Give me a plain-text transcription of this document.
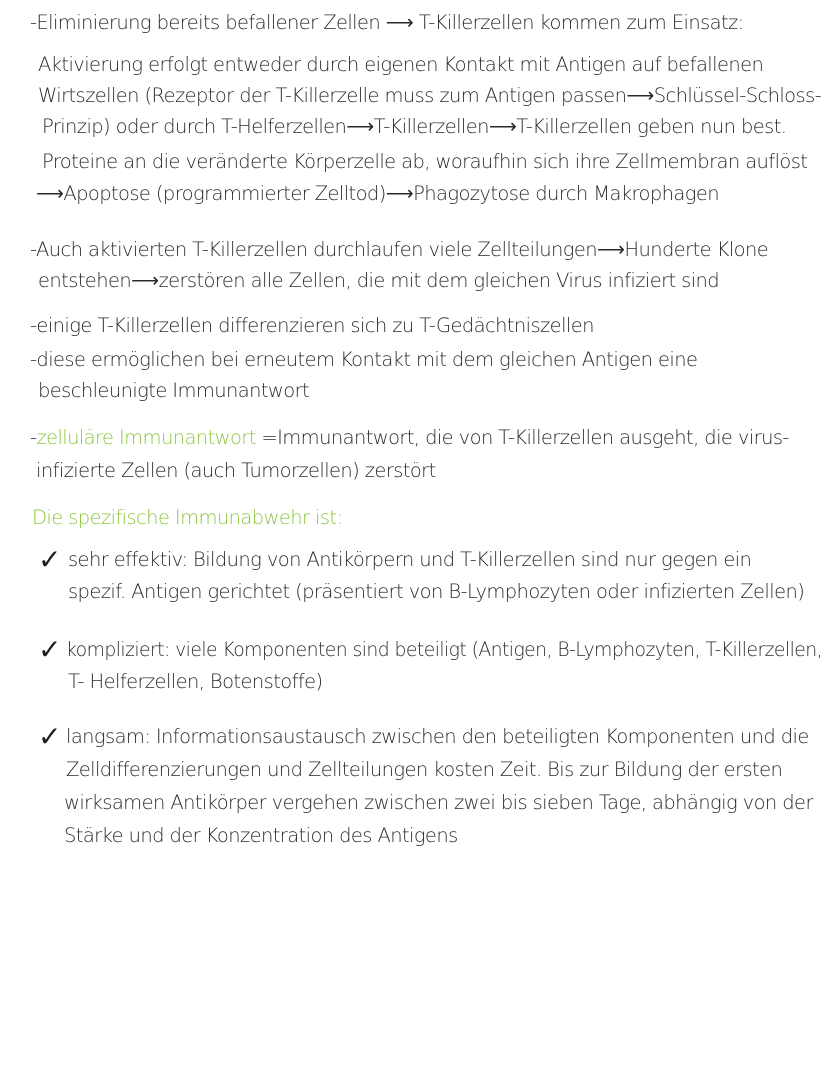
-Eliminierung bereits befallener Zellen ⟶ T-Killerzellen kommen zum Einsatz:
Aktivierung erfolgt entweder durch eigenen Kontakt mit Antigen auf befallenen
Wirtszellen (Rezeptor der T-Killerzelle muss zum Antigen passen⟶Schlüssel-Schloss-
Prinzip) oder durch T-Helferzellen⟶T-Killerzellen⟶T-Killerzellen geben nun best.
Proteine an die veränderte Körperzelle ab, woraufhin sich ihre Zellmembran auflöst
⟶Apoptose (programmierter Zelltod)⟶Phagozytose durch Makrophagen
-Auch aktivierten T-Killerzellen durchlaufen viele Zellteilungen⟶Hunderte Klone
entstehen⟶zerstören alle Zellen, die mit dem gleichen Virus infiziert sind
-einige T-Killerzellen differenzieren sich zu T-Gedächtniszellen
-diese ermöglichen bei erneutem Kontakt mit dem gleichen Antigen eine
beschleunigte Immunantwort
-zelluläre Immunantwort =Immunantwort, die von T-Killerzellen ausgeht, die virus-
infizierte Zellen (auch Tumorzellen) zerstört
Die spezifische Immunabwehr ist:
✓ sehr effektiv: Bildung von Antikörpern und T-Killerzellen sind nur gegen ein
spezif. Antigen gerichtet (präsentiert von B-Lymphozyten oder infizierten Zellen)
✓ kompliziert: viele Komponenten sind beteiligt (Antigen, B-Lymphozyten, T-Killerzellen,
T- Helferzellen, Botenstoffe)
✓ langsam: Informationsaustausch zwischen den beteiligten Komponenten und die
Zelldifferenzierungen und Zellteilungen kosten Zeit. Bis zur Bildung der ersten
wirksamen Antikörper vergehen zwischen zwei bis sieben Tage, abhängig von der
Stärke und der Konzentration des Antigens
